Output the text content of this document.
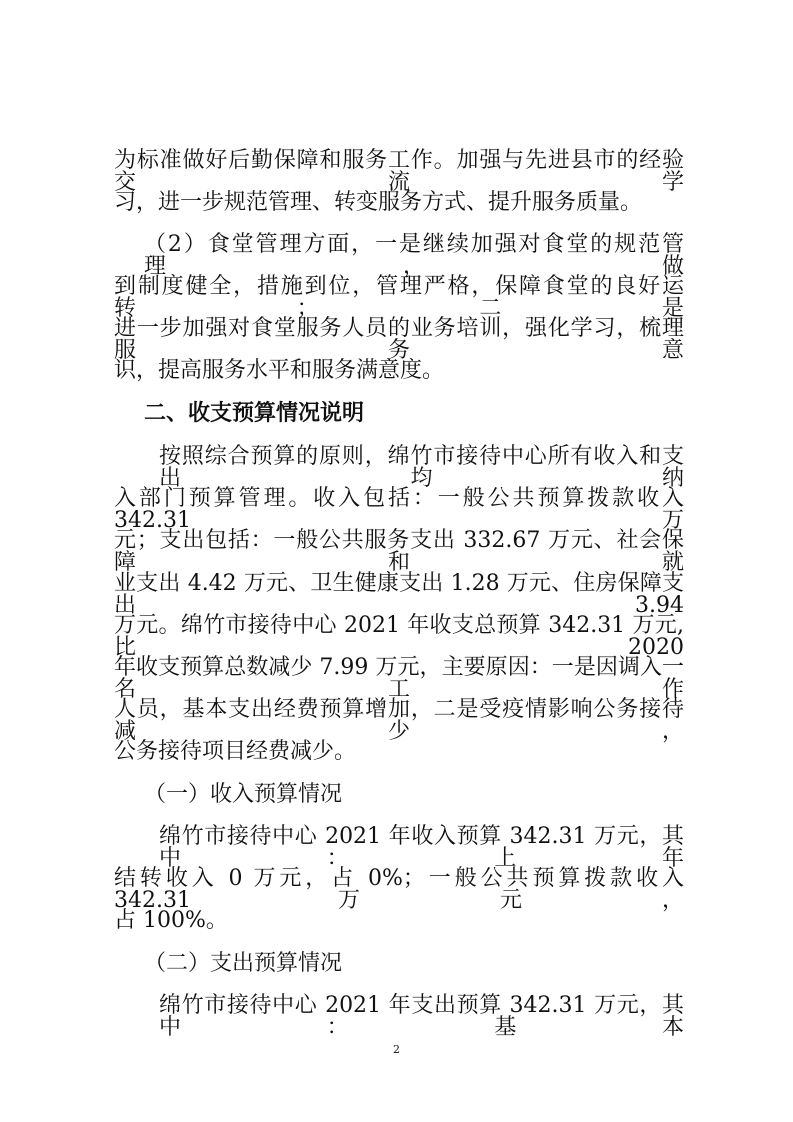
为标准做好后勤保障和服务工作。加强与先进县市的经验交流学
习，进一步规范管理、转变服务方式、提升服务质量。
（2）食堂管理方面，一是继续加强对食堂的规范管理，做
到制度健全，措施到位，管理严格，保障食堂的良好运转；二是
进一步加强对食堂服务人员的业务培训，强化学习，梳理服务意
识，提高服务水平和服务满意度。
二、收支预算情况说明
按照综合预算的原则，绵竹市接待中心所有收入和支出均纳
入部门预算管理。收入包括：一般公共预算拨款收入 342.31 万
元；支出包括：一般公共服务支出 332.67 万元、社会保障和就
业支出 4.42 万元、卫生健康支出 1.28 万元、住房保障支出 3.94
万元。绵竹市接待中心 2021 年收支总预算 342.31 万元,比 2020
年收支预算总数减少 7.99 万元，主要原因：一是因调入一名工作
人员，基本支出经费预算增加，二是受疫情影响公务接待减少，
公务接待项目经费减少。
（一）收入预算情况
绵竹市接待中心 2021 年收入预算 342.31 万元，其中：上年
结转收入 0 万元，占 0%；一般公共预算拨款收入 342.31 万元，
占 100%。
（二）支出预算情况
绵竹市接待中心 2021 年支出预算 342.31 万元，其中：基本
2
